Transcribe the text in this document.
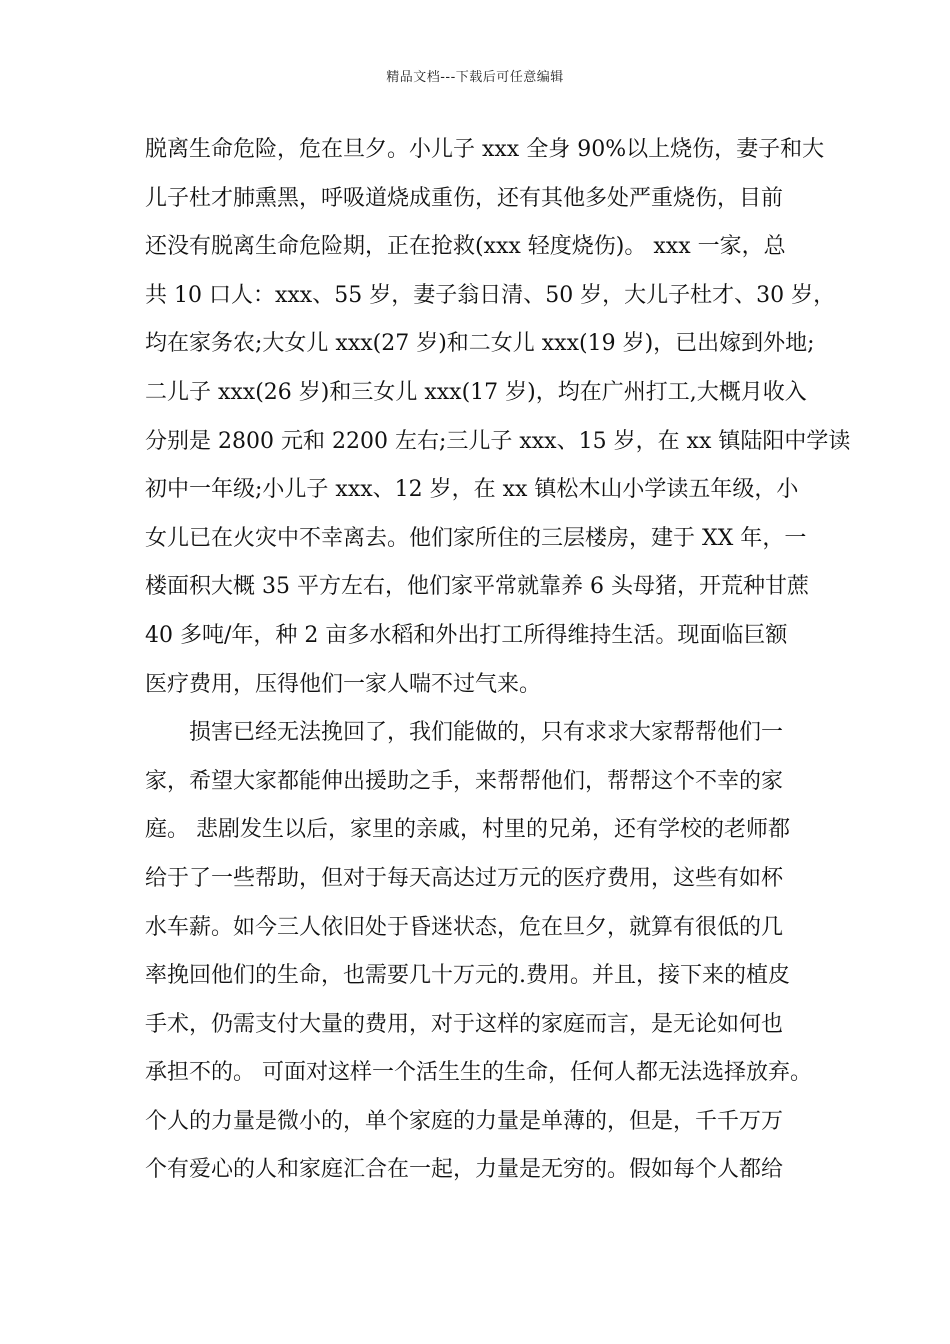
精品文档---下载后可任意编辑
脱离生命危险，危在旦夕。小儿子 xxx 全身 90%以上烧伤，妻子和大
儿子杜才肺熏黑，呼吸道烧成重伤，还有其他多处严重烧伤，目前
还没有脱离生命危险期，正在抢救(xxx 轻度烧伤)。 xxx 一家，总
共 10 口人：xxx、55 岁，妻子翁日清、50 岁，大儿子杜才、30 岁，
均在家务农;大女儿 xxx(27 岁)和二女儿 xxx(19 岁)，已出嫁到外地;
二儿子 xxx(26 岁)和三女儿 xxx(17 岁)，均在广州打工,大概月收入
分别是 2800 元和 2200 左右;三儿子 xxx、15 岁，在 xx 镇陆阳中学读
初中一年级;小儿子 xxx、12 岁，在 xx 镇松木山小学读五年级，小
女儿已在火灾中不幸离去。他们家所住的三层楼房，建于 XX 年，一
楼面积大概 35 平方左右，他们家平常就靠养 6 头母猪，开荒种甘蔗
40 多吨/年，种 2 亩多水稻和外出打工所得维持生活。现面临巨额
医疗费用，压得他们一家人喘不过气来。
损害已经无法挽回了，我们能做的，只有求求大家帮帮他们一
家，希望大家都能伸出援助之手，来帮帮他们，帮帮这个不幸的家
庭。 悲剧发生以后，家里的亲戚，村里的兄弟，还有学校的老师都
给于了一些帮助，但对于每天高达过万元的医疗费用，这些有如杯
水车薪。如今三人依旧处于昏迷状态，危在旦夕，就算有很低的几
率挽回他们的生命，也需要几十万元的.费用。并且，接下来的植皮
手术，仍需支付大量的费用，对于这样的家庭而言，是无论如何也
承担不的。 可面对这样一个活生生的生命，任何人都无法选择放弃。
个人的力量是微小的，单个家庭的力量是单薄的，但是，千千万万
个有爱心的人和家庭汇合在一起，力量是无穷的。假如每个人都给
